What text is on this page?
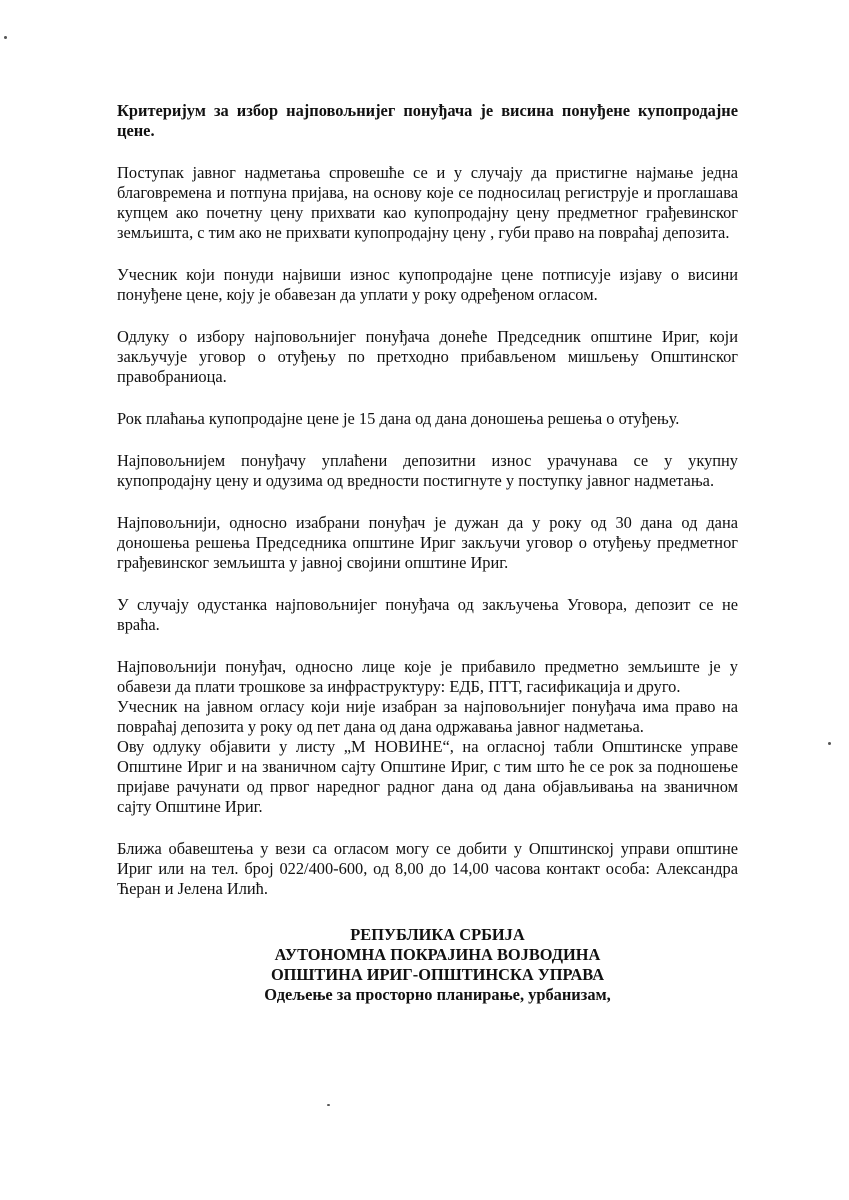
Критеријум за избор најповољнијег понуђача је висина понуђене купопродајне цене.

Поступак јавног надметања спровешће се и у случају да пристигне најмање једна благовремена и потпуна пријава, на основу које се подносилац региструје и проглашава купцем ако почетну цену прихвати као купопродајну цену предметног грађевинског земљишта, с тим ако не прихвати купопродајну цену , губи право на повраћај депозита.

Учесник који понуди највиши износ купопродајне цене потписује изјаву о висини понуђене цене, коју је обавезан да уплати у року одређеном огласом.

Одлуку о избору најповољнијег понуђача донеће Председник општине Ириг, који закључује уговор о отуђењу по претходно прибављеном мишљењу Општинског правобраниоца.

Рок плаћања купопродајне цене је 15 дана од дана доношења решења о отуђењу.

Најповољнијем понуђачу уплаћени депозитни износ урачунава се у укупну купопродајну цену и одузима од вредности постигнуте у поступку јавног надметања.

Најповољнији, односно изабрани понуђач је дужан да у року од 30 дана од дана доношења решења Председника општине Ириг закључи уговор о отуђењу предметног грађевинског земљишта у јавној својини општине Ириг.

У случају одустанка најповољнијег понуђача од закључења Уговора, депозит се не враћа.

Најповољнији понуђач, односно лице које је прибавило предметно земљиште је у обавези да плати трошкове за инфраструктуру: ЕДБ, ПТТ, гасификација и друго.

Учесник на јавном огласу који није изабран за најповољнијег понуђача има право на повраћај депозита у року од пет дана од дана одржавања јавног надметања.

Ову одлуку објавити у листу „М НОВИНЕ“, на огласној табли Општинске управе Општине Ириг и на званичном сајту Општине Ириг, с тим што ће се рок за подношење пријаве рачунати од првог наредног радног дана од дана објављивања на званичном сајту Општине Ириг.

Ближа обавештења у вези са огласом могу се добити у Општинској управи општине Ириг или на тел. број 022/400-600, од 8,00 до 14,00 часова контакт особа: Александра Ћеран и Јелена Илић.

РЕПУБЛИКА СРБИЈА
АУТОНОМНА ПОКРАЈИНА ВОЈВОДИНА
ОПШТИНА ИРИГ-ОПШТИНСКА УПРАВА
Одељење за просторно планирање, урбанизам,
